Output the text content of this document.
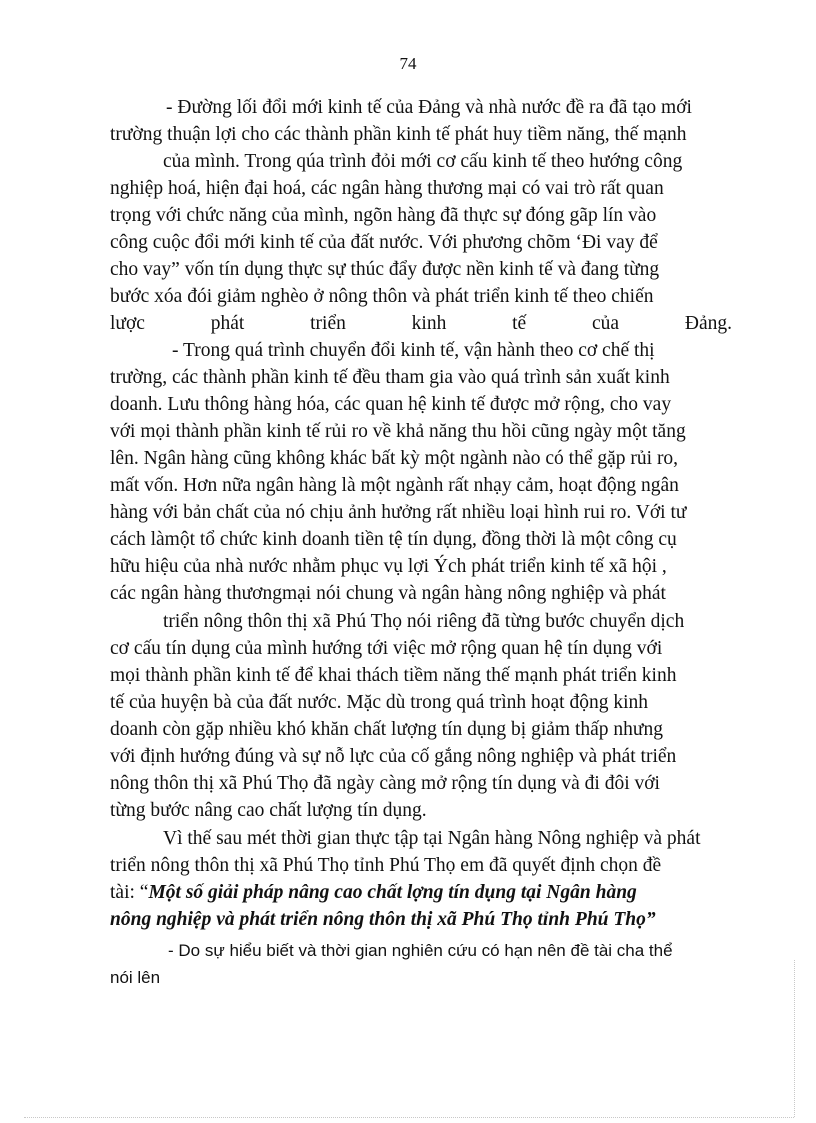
74
- Đường lối đổi mới kinh tế của Đảng và nhà nước đề ra đã tạo mới
trường thuận lợi cho các thành phần kinh tế phát huy tiềm năng, thế mạnh
của mình. Trong qúa trình đỏi mới cơ cấu kinh tế theo hướng công
nghiệp hoá, hiện đại hoá, các ngân hàng thương mại có vai trò rất quan
trọng với chức năng của mình, ngõn hàng đã thực sự đóng gãp lín vào
công cuộc đổi mới kinh tế của đất nước. Với phương chõm ‘Đi vay để
cho vay” vốn tín dụng thực sự thúc đẩy được nền kinh tế và đang từng
bước xóa đói giảm nghèo ở nông thôn và phát triển kinh tế theo chiến
lược phát triển kinh tế của Đảng.
- Trong quá trình chuyển đổi kinh tế, vận hành theo cơ chế thị
trường, các thành phần kinh tế đều tham gia vào quá trình sản xuất kinh
doanh. Lưu thông hàng hóa, các quan hệ kinh tế được mở rộng, cho vay
với mọi thành phần kinh tế rủi ro về khả năng thu hồi cũng ngày một tăng
lên. Ngân hàng cũng không khác bất kỳ một ngành nào có thể gặp rủi ro,
mất vốn. Hơn nữa ngân hàng là một ngành rất nhạy cảm, hoạt động ngân
hàng với bản chất của nó chịu ảnh hưởng rất nhiều loại hình rui ro. Với tư
cách làmột tổ chức kinh doanh tiền tệ tín dụng, đồng thời là một công cụ
hữu hiệu của nhà nước nhằm phục vụ lợi Ých phát triển kinh tế xã hội ,
các ngân hàng thươngmại nói chung và ngân hàng nông nghiệp và phát
triển nông thôn thị xã Phú Thọ nói riêng đã từng bước chuyển dịch
cơ cấu tín dụng của mình hướng tới việc mở rộng quan hệ tín dụng với
mọi thành phần kinh tế để khai thách tiềm năng thế mạnh phát triển kinh
tế của huyện bà của đất nước. Mặc dù trong quá trình hoạt động kinh
doanh còn gặp nhiều khó khăn chất lượng tín dụng bị giảm thấp nhưng
với định hướng đúng và sự nỗ lực của cố gắng nông nghiệp và phát triển
nông thôn thị xã Phú Thọ đã ngày càng mở rộng tín dụng và đi đôi với
từng bước nâng cao chất lượng tín dụng.
Vì thế sau mét thời gian thực tập tại Ngân hàng Nông nghiệp và phát
triển nông thôn thị xã Phú Thọ tỉnh Phú Thọ em đã quyết định chọn đề
tài: “Một số giải pháp nâng cao chất lợng tín dụng tại Ngân hàng
nông nghiệp và phát triển nông thôn thị xã Phú Thọ tỉnh Phú Thọ”
- Do sự hiểu biết và thời gian nghiên cứu có hạn nên đề tài cha thể
nói lên
